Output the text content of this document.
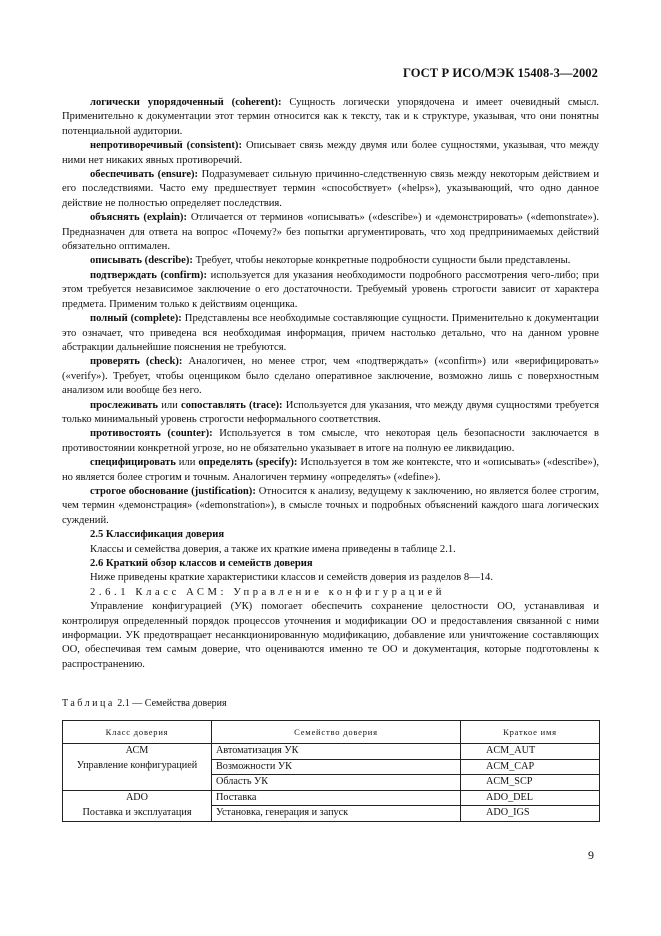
ГОСТ Р ИСО/МЭК 15408-3—2002

логически упорядоченный (coherent): Сущность логически упорядочена и имеет очевидный смысл. Применительно к документации этот термин относится как к тексту, так и к структуре, указывая, что они понятны потенциальной аудитории.

непротиворечивый (consistent): Описывает связь между двумя или более сущностями, указывая, что между ними нет никаких явных противоречий.

обеспечивать (ensure): Подразумевает сильную причинно-следственную связь между некоторым действием и его последствиями. Часто ему предшествует термин «способствует» («helps»), указывающий, что одно данное действие не полностью определяет последствия.

объяснять (explain): Отличается от терминов «описывать» («describe») и «демонстрировать» («demonstrate»). Предназначен для ответа на вопрос «Почему?» без попытки аргументировать, что ход предпринимаемых действий обязательно оптимален.

описывать (describe): Требует, чтобы некоторые конкретные подробности сущности были представлены.

подтверждать (confirm): используется для указания необходимости подробного рассмотрения чего-либо; при этом требуется независимое заключение о его достаточности. Требуемый уровень строгости зависит от характера предмета. Применим только к действиям оценщика.

полный (complete): Представлены все необходимые составляющие сущности. Применительно к документации это означает, что приведена вся необходимая информация, причем настолько детально, что на данном уровне абстракции дальнейшие пояснения не требуются.

проверять (check): Аналогичен, но менее строг, чем «подтверждать» («confirm») или «верифицировать» («verify»). Требует, чтобы оценщиком было сделано оперативное заключение, возможно лишь с поверхностным анализом или вообще без него.

прослеживать или сопоставлять (trace): Используется для указания, что между двумя сущностями требуется только минимальный уровень строгости неформального соответствия.

противостоять (counter): Используется в том смысле, что некоторая цель безопасности заключается в противостоянии конкретной угрозе, но не обязательно указывает в итоге на полную ее ликвидацию.

специфицировать или определять (specify): Используется в том же контексте, что и «описывать» («describe»), но является более строгим и точным. Аналогичен термину «определять» («define»).

строгое обоснование (justification): Относится к анализу, ведущему к заключению, но является более строгим, чем термин «демонстрация» («demonstration»), в смысле точных и подробных объяснений каждого шага логических суждений.

2.5 Классификация доверия

Классы и семейства доверия, а также их краткие имена приведены в таблице 2.1.

2.6 Краткий обзор классов и семейств доверия

Ниже приведены краткие характеристики классов и семейств доверия из разделов 8—14.

2.6.1 Класс АСМ: Управление конфигурацией

Управление конфигурацией (УК) помогает обеспечить сохранение целостности ОО, устанавливая и контролируя определенный порядок процессов уточнения и модификации ОО и предоставления связанной с ними информации. УК предотвращает несанкционированную модификацию, добавление или уничтожение составляющих ОО, обеспечивая тем самым доверие, что оцениваются именно те ОО и документация, которые подготовлены к распространению.

Таблица 2.1 — Семейства доверия
Класс доверия	Семейство доверия	Краткое имя
АСМ	Автоматизация УК	ACM_AUT
Управление конфигурацией	Возможности УК	ACM_CAP
	Область УК	ACM_SCP
ADO	Поставка	ADO_DEL
Поставка и эксплуатация	Установка, генерация и запуск	ADO_IGS
9
